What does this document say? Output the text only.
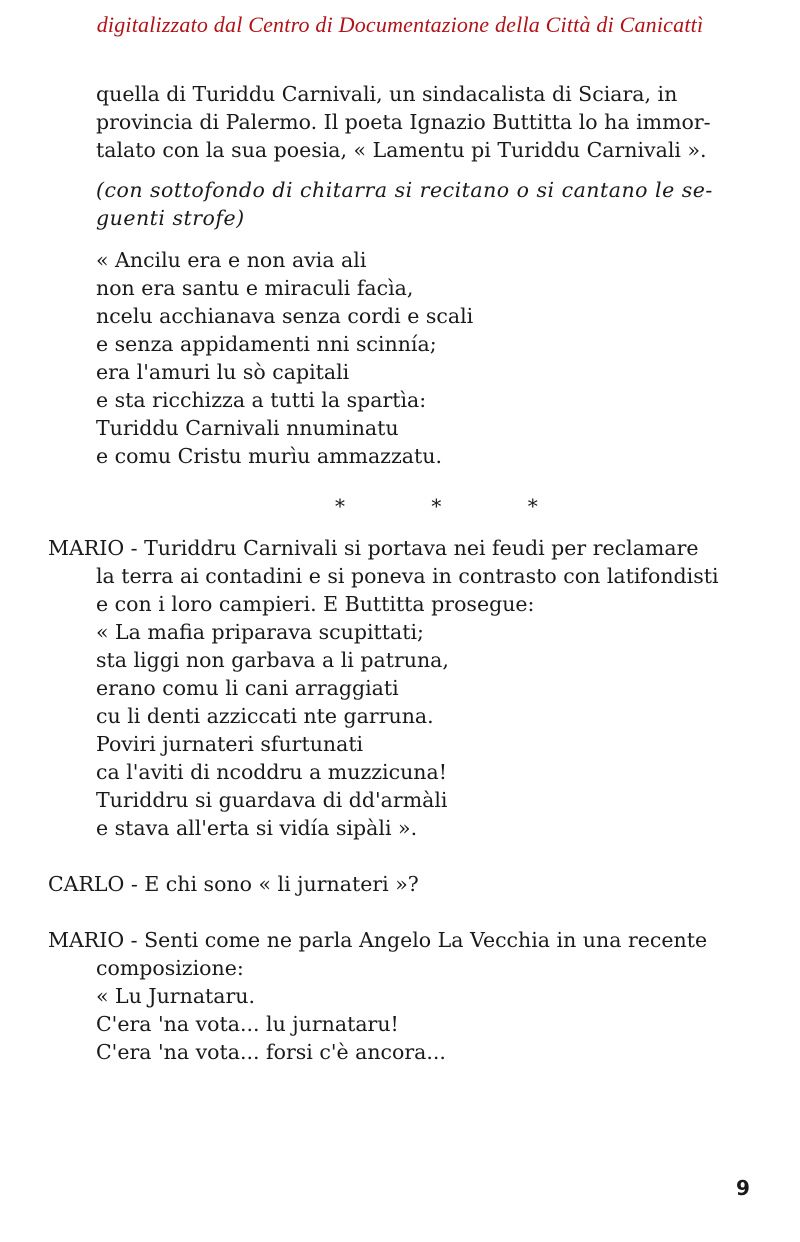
digitalizzato dal Centro di Documentazione della Città di Canicattì
quella di Turiddu Carnivali, un sindacalista di Sciara, in
provincia di Palermo. Il poeta Ignazio Buttitta lo ha immor-
talato con la sua poesia, « Lamentu pi Turiddu Carnivali ».
(con sottofondo di chitarra si recitano o si cantano le se-
guenti strofe)
« Ancilu era e non avia ali
non era santu e miraculi facìa,
ncelu acchianava senza cordi e scali
e senza appidamenti nni scinnía;
era l'amuri lu sò capitali
e sta ricchizza a tutti la spartìa:
Turiddu Carnivali nnuminatu
e comu Cristu murìu ammazzatu.
* * *
MARIO - Turiddru Carnivali si portava nei feudi per reclamare
la terra ai contadini e si poneva in contrasto con latifondisti
e con i loro campieri. E Buttitta prosegue:
« La mafia priparava scupittati;
sta liggi non garbava a li patruna,
erano comu li cani arraggiati
cu li denti azziccati nte garruna.
Poviri jurnateri sfurtunati
ca l'aviti di ncoddru a muzzicuna!
Turiddru si guardava di dd'armàli
e stava all'erta si vidía sipàli ».
CARLO - E chi sono « li jurnateri »?
MARIO - Senti come ne parla Angelo La Vecchia in una recente
composizione:
« Lu Jurnataru.
C'era 'na vota... lu jurnataru!
C'era 'na vota... forsi c'è ancora...
9
